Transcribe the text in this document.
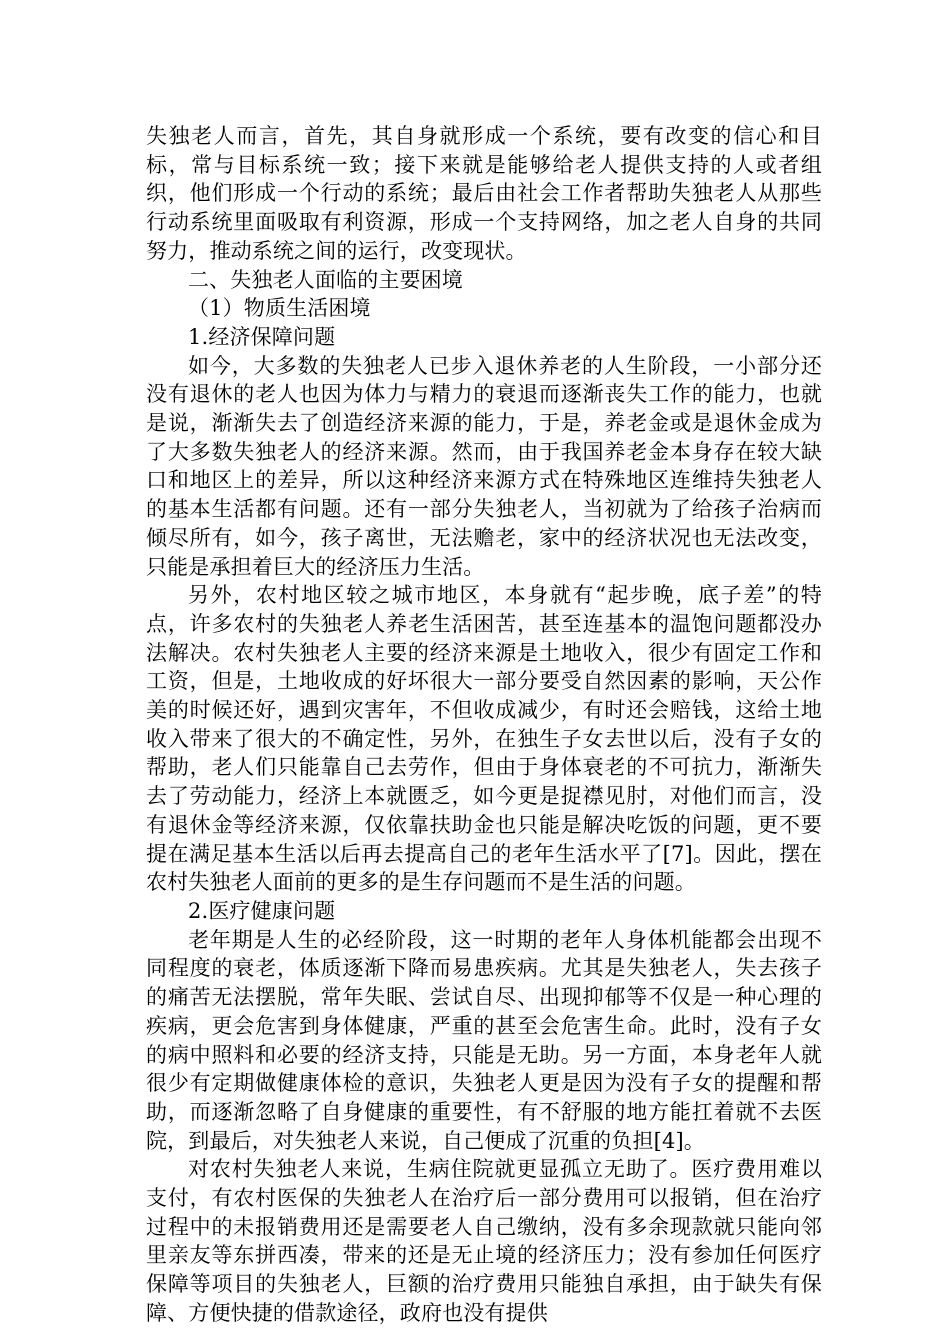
失独老人而言，首先，其自身就形成一个系统，要有改变的信心和目标，常与目标系统一致；接下来就是能够给老人提供支持的人或者组织，他们形成一个行动的系统；最后由社会工作者帮助失独老人从那些行动系统里面吸取有利资源，形成一个支持网络，加之老人自身的共同努力，推动系统之间的运行，改变现状。

二、失独老人面临的主要困境

（1）物质生活困境

1.经济保障问题

如今，大多数的失独老人已步入退休养老的人生阶段，一小部分还没有退休的老人也因为体力与精力的衰退而逐渐丧失工作的能力，也就是说，渐渐失去了创造经济来源的能力，于是，养老金或是退休金成为了大多数失独老人的经济来源。然而，由于我国养老金本身存在较大缺口和地区上的差异，所以这种经济来源方式在特殊地区连维持失独老人的基本生活都有问题。还有一部分失独老人，当初就为了给孩子治病而倾尽所有，如今，孩子离世，无法赡老，家中的经济状况也无法改变，只能是承担着巨大的经济压力生活。

另外，农村地区较之城市地区，本身就有“起步晚，底子差”的特点，许多农村的失独老人养老生活困苦，甚至连基本的温饱问题都没办法解决。农村失独老人主要的经济来源是土地收入，很少有固定工作和工资，但是，土地收成的好坏很大一部分要受自然因素的影响，天公作美的时候还好，遇到灾害年，不但收成减少，有时还会赔钱，这给土地收入带来了很大的不确定性，另外，在独生子女去世以后，没有子女的帮助，老人们只能靠自己去劳作，但由于身体衰老的不可抗力，渐渐失去了劳动能力，经济上本就匮乏，如今更是捉襟见肘，对他们而言，没有退休金等经济来源，仅依靠扶助金也只能是解决吃饭的问题，更不要提在满足基本生活以后再去提高自己的老年生活水平了[7]。因此，摆在农村失独老人面前的更多的是生存问题而不是生活的问题。

2.医疗健康问题

老年期是人生的必经阶段，这一时期的老年人身体机能都会出现不同程度的衰老，体质逐渐下降而易患疾病。尤其是失独老人，失去孩子的痛苦无法摆脱，常年失眠、尝试自尽、出现抑郁等不仅是一种心理的疾病，更会危害到身体健康，严重的甚至会危害生命。此时，没有子女的病中照料和必要的经济支持，只能是无助。另一方面，本身老年人就很少有定期做健康体检的意识，失独老人更是因为没有子女的提醒和帮助，而逐渐忽略了自身健康的重要性，有不舒服的地方能扛着就不去医院，到最后，对失独老人来说，自己便成了沉重的负担[4]。

对农村失独老人来说，生病住院就更显孤立无助了。医疗费用难以支付，有农村医保的失独老人在治疗后一部分费用可以报销，但在治疗过程中的未报销费用还是需要老人自己缴纳，没有多余现款就只能向邻里亲友等东拼西凑，带来的还是无止境的经济压力；没有参加任何医疗保障等项目的失独老人，巨额的治疗费用只能独自承担，由于缺失有保障、方便快捷的借款途径，政府也没有提供
